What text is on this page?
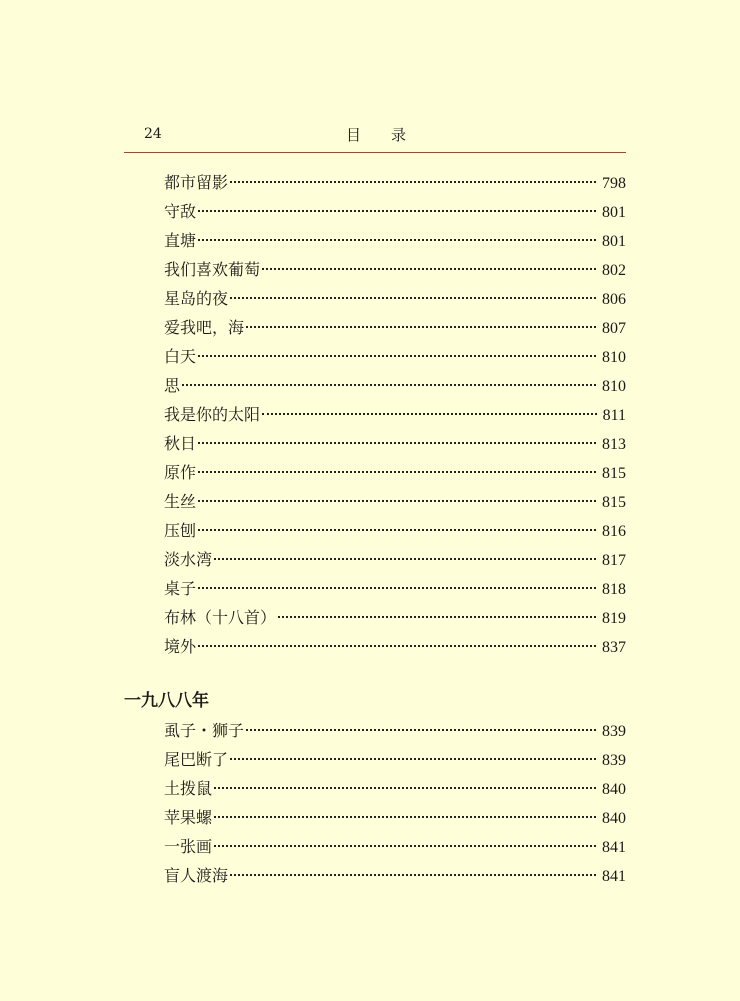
24	目录
都市留影	798
守敌	801
直塘	801
我们喜欢葡萄	802
星岛的夜	806
爱我吧，海	807
白天	810
思	810
我是你的太阳	811
秋日	813
原作	815
生丝	815
压刨	816
淡水湾	817
桌子	818
布林（十八首）	819
境外	837
一九八八年
虱子・狮子	839
尾巴断了	839
土拨鼠	840
苹果螺	840
一张画	841
盲人渡海	841
